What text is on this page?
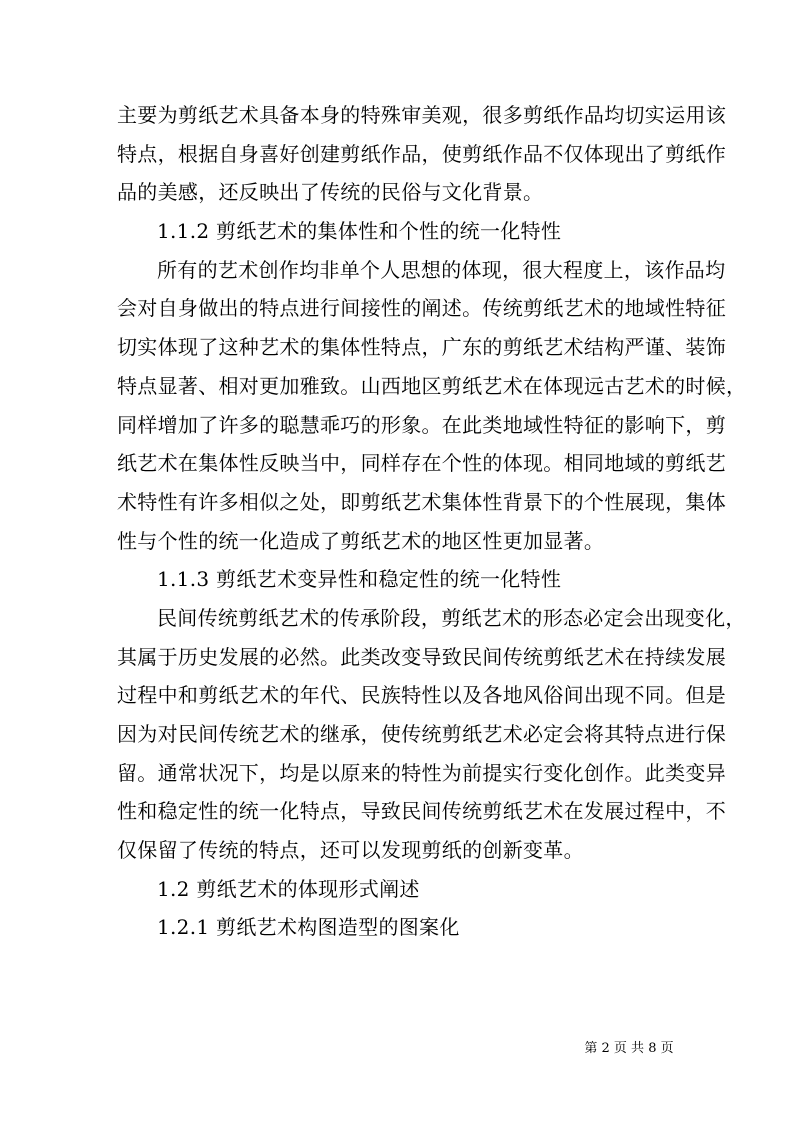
主要为剪纸艺术具备本身的特殊审美观，很多剪纸作品均切实运用该

特点，根据自身喜好创建剪纸作品，使剪纸作品不仅体现出了剪纸作

品的美感，还反映出了传统的民俗与文化背景。

1.1.2 剪纸艺术的集体性和个性的统一化特性

所有的艺术创作均非单个人思想的体现，很大程度上，该作品均

会对自身做出的特点进行间接性的阐述。传统剪纸艺术的地域性特征

切实体现了这种艺术的集体性特点，广东的剪纸艺术结构严谨、装饰

特点显著、相对更加雅致。山西地区剪纸艺术在体现远古艺术的时候，

同样增加了许多的聪慧乖巧的形象。在此类地域性特征的影响下，剪

纸艺术在集体性反映当中，同样存在个性的体现。相同地域的剪纸艺

术特性有许多相似之处，即剪纸艺术集体性背景下的个性展现，集体

性与个性的统一化造成了剪纸艺术的地区性更加显著。

1.1.3 剪纸艺术变异性和稳定性的统一化特性

民间传统剪纸艺术的传承阶段，剪纸艺术的形态必定会出现变化，

其属于历史发展的必然。此类改变导致民间传统剪纸艺术在持续发展

过程中和剪纸艺术的年代、民族特性以及各地风俗间出现不同。但是

因为对民间传统艺术的继承，使传统剪纸艺术必定会将其特点进行保

留。通常状况下，均是以原来的特性为前提实行变化创作。此类变异

性和稳定性的统一化特点，导致民间传统剪纸艺术在发展过程中，不

仅保留了传统的特点，还可以发现剪纸的创新变革。

1.2 剪纸艺术的体现形式阐述

1.2.1 剪纸艺术构图造型的图案化

第 2 页 共 8 页
